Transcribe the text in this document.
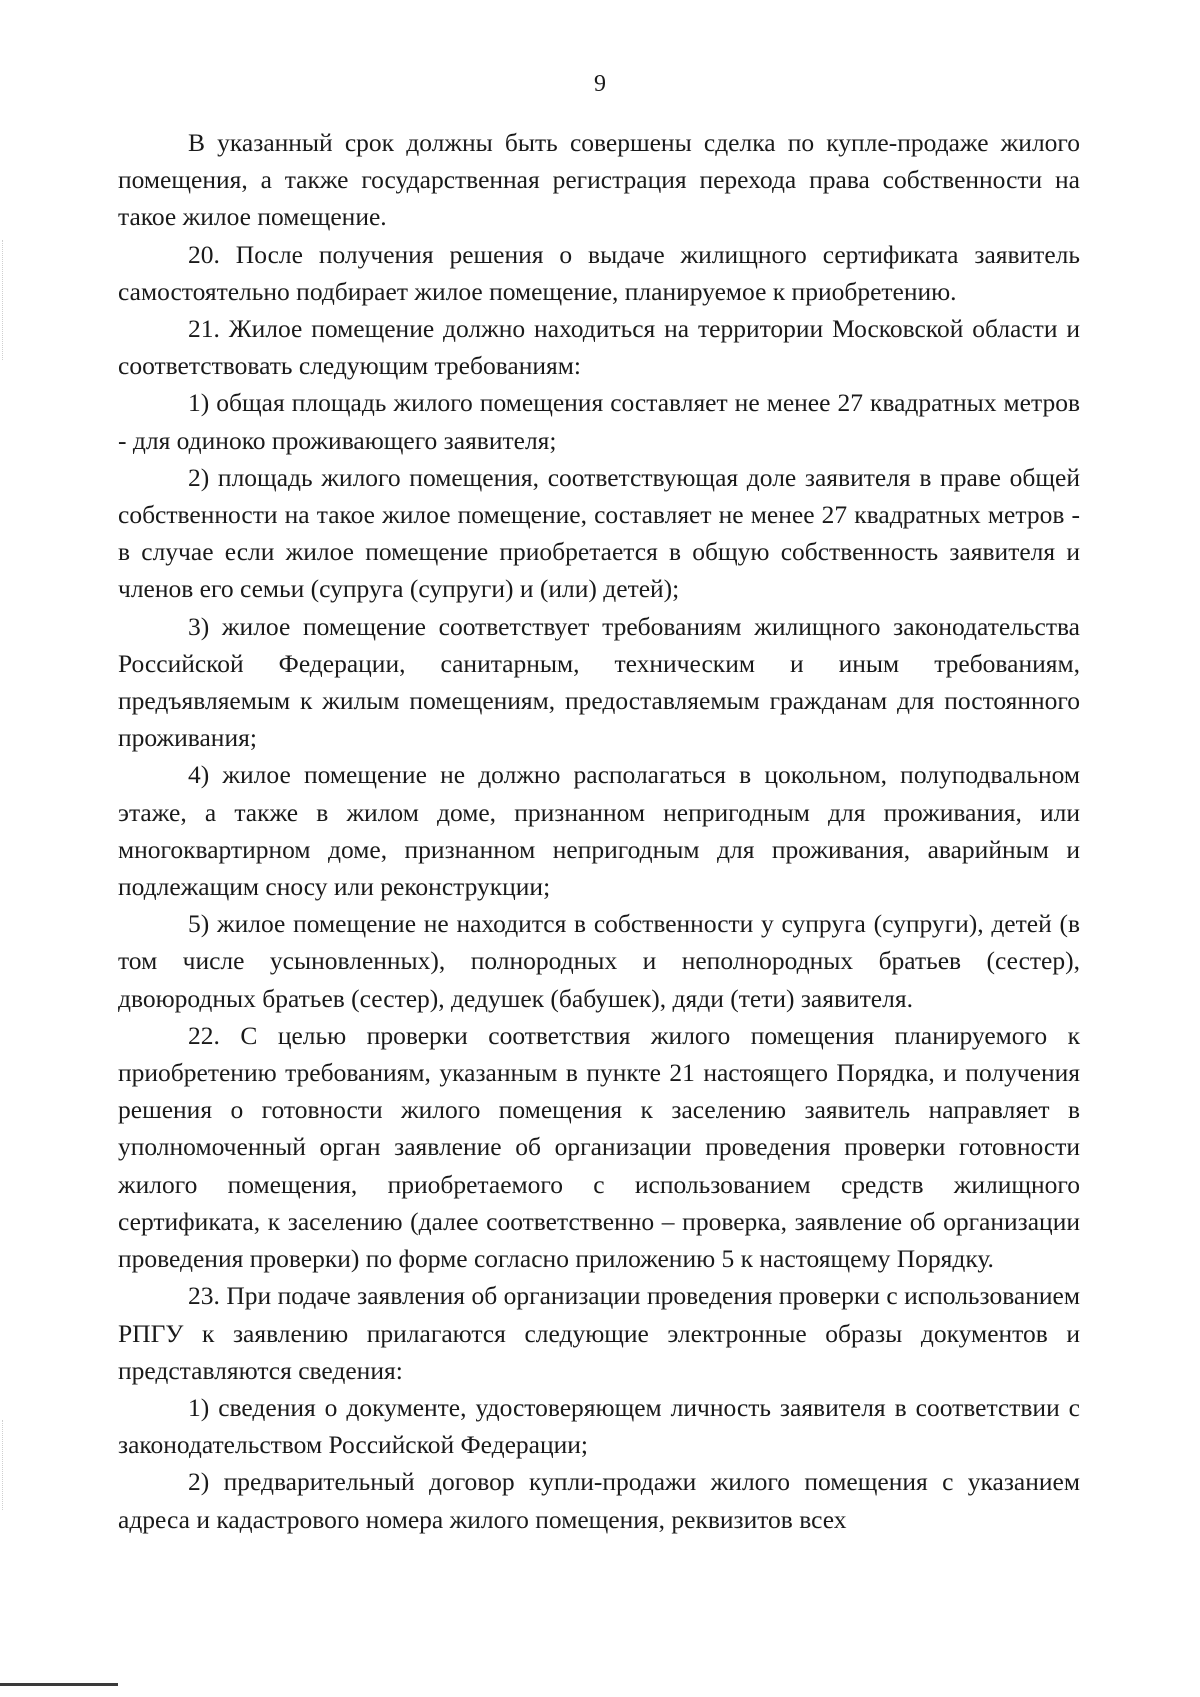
9

В указанный срок должны быть совершены сделка по купле-продаже жилого помещения, а также государственная регистрация перехода права собственности на такое жилое помещение.

20. После получения решения о выдаче жилищного сертификата заявитель самостоятельно подбирает жилое помещение, планируемое к приобретению.

21. Жилое помещение должно находиться на территории Московской области и соответствовать следующим требованиям:

1) общая площадь жилого помещения составляет не менее 27 квадратных метров - для одиноко проживающего заявителя;

2) площадь жилого помещения, соответствующая доле заявителя в праве общей собственности на такое жилое помещение, составляет не менее 27 квадратных метров - в случае если жилое помещение приобретается в общую собственность заявителя и членов его семьи (супруга (супруги) и (или) детей);

3) жилое помещение соответствует требованиям жилищного законодательства Российской Федерации, санитарным, техническим и иным требованиям, предъявляемым к жилым помещениям, предоставляемым гражданам для постоянного проживания;

4) жилое помещение не должно располагаться в цокольном, полуподвальном этаже, а также в жилом доме, признанном непригодным для проживания, или многоквартирном доме, признанном непригодным для проживания, аварийным и подлежащим сносу или реконструкции;

5) жилое помещение не находится в собственности у супруга (супруги), детей (в том числе усыновленных), полнородных и неполнородных братьев (сестер), двоюродных братьев (сестер), дедушек (бабушек), дяди (тети) заявителя.

22. С целью проверки соответствия жилого помещения планируемого к приобретению требованиям, указанным в пункте 21 настоящего Порядка, и получения решения о готовности жилого помещения к заселению заявитель направляет в уполномоченный орган заявление об организации проведения проверки готовности жилого помещения, приобретаемого с использованием средств жилищного сертификата, к заселению (далее соответственно – проверка, заявление об организации проведения проверки) по форме согласно приложению 5 к настоящему Порядку.

23. При подаче заявления об организации проведения проверки с использованием РПГУ к заявлению прилагаются следующие электронные образы документов и представляются сведения:

1) сведения о документе, удостоверяющем личность заявителя в соответствии с законодательством Российской Федерации;

2) предварительный договор купли-продажи жилого помещения с указанием адреса и кадастрового номера жилого помещения, реквизитов всех
